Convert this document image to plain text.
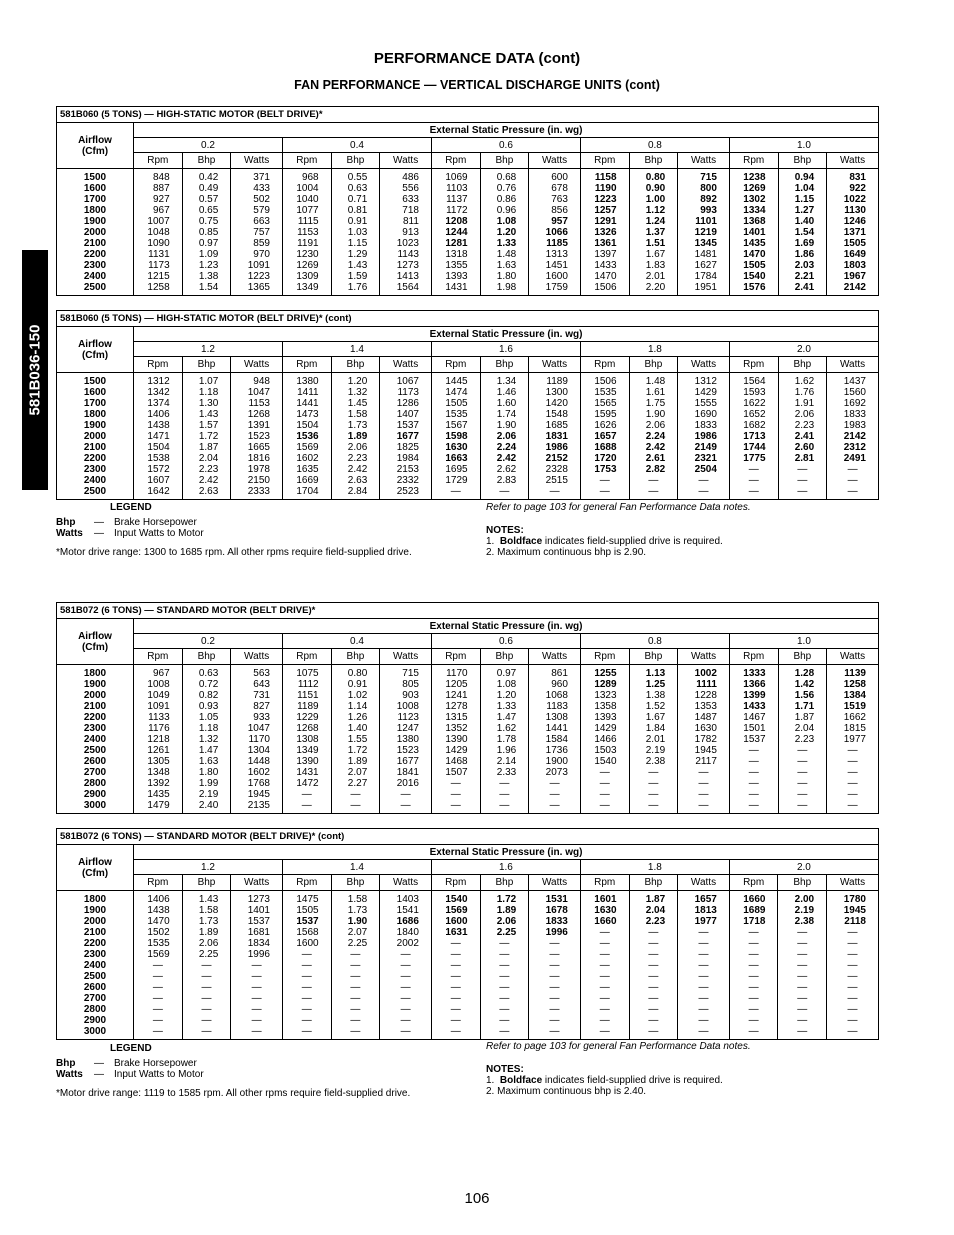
PERFORMANCE DATA (cont)
FAN PERFORMANCE — VERTICAL DISCHARGE UNITS (cont)
581B036-150
581B060 (5 TONS) — HIGH-STATIC MOTOR (BELT DRIVE)*															

Airflow
(Cfm)	External Static Pressure (in. wg)														
	0.2			0.4			0.6			0.8			1.0		
	Rpm	Bhp	Watts	Rpm	Bhp	Watts	Rpm	Bhp	Watts	Rpm	Bhp	Watts	Rpm	Bhp	Watts
1500	848	0.42	371	968	0.55	486	1069	0.68	600	1158	0.80	715	1238	0.94	831
1600	887	0.49	433	1004	0.63	556	1103	0.76	678	1190	0.90	800	1269	1.04	922
1700	927	0.57	502	1040	0.71	633	1137	0.86	763	1223	1.00	892	1302	1.15	1022
1800	967	0.65	579	1077	0.81	718	1172	0.96	856	1257	1.12	993	1334	1.27	1130
1900	1007	0.75	663	1115	0.91	811	1208	1.08	957	1291	1.24	1101	1368	1.40	1246
2000	1048	0.85	757	1153	1.03	913	1244	1.20	1066	1326	1.37	1219	1401	1.54	1371
2100	1090	0.97	859	1191	1.15	1023	1281	1.33	1185	1361	1.51	1345	1435	1.69	1505
2200	1131	1.09	970	1230	1.29	1143	1318	1.48	1313	1397	1.67	1481	1470	1.86	1649
2300	1173	1.23	1091	1269	1.43	1273	1355	1.63	1451	1433	1.83	1627	1505	2.03	1803
2400	1215	1.38	1223	1309	1.59	1413	1393	1.80	1600	1470	2.01	1784	1540	2.21	1967
2500	1258	1.54	1365	1349	1.76	1564	1431	1.98	1759	1506	2.20	1951	1576	2.41	2142
581B060 (5 TONS) — HIGH-STATIC MOTOR (BELT DRIVE)* (cont)															

Airflow
(Cfm)	External Static Pressure (in. wg)														
	1.2			1.4			1.6			1.8			2.0		
	Rpm	Bhp	Watts	Rpm	Bhp	Watts	Rpm	Bhp	Watts	Rpm	Bhp	Watts	Rpm	Bhp	Watts
1500	1312	1.07	948	1380	1.20	1067	1445	1.34	1189	1506	1.48	1312	1564	1.62	1437
1600	1342	1.18	1047	1411	1.32	1173	1474	1.46	1300	1535	1.61	1429	1593	1.76	1560
1700	1374	1.30	1153	1441	1.45	1286	1505	1.60	1420	1565	1.75	1555	1622	1.91	1692
1800	1406	1.43	1268	1473	1.58	1407	1535	1.74	1548	1595	1.90	1690	1652	2.06	1833
1900	1438	1.57	1391	1504	1.73	1537	1567	1.90	1685	1626	2.06	1833	1682	2.23	1983
2000	1471	1.72	1523	1536	1.89	1677	1598	2.06	1831	1657	2.24	1986	1713	2.41	2142
2100	1504	1.87	1665	1569	2.06	1825	1630	2.24	1986	1688	2.42	2149	1744	2.60	2312
2200	1538	2.04	1816	1602	2.23	1984	1663	2.42	2152	1720	2.61	2321	1775	2.81	2491
2300	1572	2.23	1978	1635	2.42	2153	1695	2.62	2328	1753	2.82	2504	—	—	—
2400	1607	2.42	2150	1669	2.63	2332	1729	2.83	2515	—	—	—	—	—	—
2500	1642	2.63	2333	1704	2.84	2523	—	—	—	—	—	—	—	—	—
LEGEND
Bhp	—	Brake Horsepower
Watts	—	Input Watts to Motor
*Motor drive range: 1300 to 1685 rpm. All other rpms require field-supplied drive.
Refer to page 103 for general Fan Performance Data notes.
NOTES:
1. Boldface indicates field-supplied drive is required.
2. Maximum continuous bhp is 2.90.
581B072 (6 TONS) — STANDARD MOTOR (BELT DRIVE)*															

Airflow
(Cfm)	External Static Pressure (in. wg)														
	0.2			0.4			0.6			0.8			1.0		
	Rpm	Bhp	Watts	Rpm	Bhp	Watts	Rpm	Bhp	Watts	Rpm	Bhp	Watts	Rpm	Bhp	Watts
1800	967	0.63	563	1075	0.80	715	1170	0.97	861	1255	1.13	1002	1333	1.28	1139
1900	1008	0.72	643	1112	0.91	805	1205	1.08	960	1289	1.25	1111	1366	1.42	1258
2000	1049	0.82	731	1151	1.02	903	1241	1.20	1068	1323	1.38	1228	1399	1.56	1384
2100	1091	0.93	827	1189	1.14	1008	1278	1.33	1183	1358	1.52	1353	1433	1.71	1519
2200	1133	1.05	933	1229	1.26	1123	1315	1.47	1308	1393	1.67	1487	1467	1.87	1662
2300	1176	1.18	1047	1268	1.40	1247	1352	1.62	1441	1429	1.84	1630	1501	2.04	1815
2400	1218	1.32	1170	1308	1.55	1380	1390	1.78	1584	1466	2.01	1782	1537	2.23	1977
2500	1261	1.47	1304	1349	1.72	1523	1429	1.96	1736	1503	2.19	1945	—	—	—
2600	1305	1.63	1448	1390	1.89	1677	1468	2.14	1900	1540	2.38	2117	—	—	—
2700	1348	1.80	1602	1431	2.07	1841	1507	2.33	2073	—	—	—	—	—	—
2800	1392	1.99	1768	1472	2.27	2016	—	—	—	—	—	—	—	—	—
2900	1435	2.19	1945	—	—	—	—	—	—	—	—	—	—	—	—
3000	1479	2.40	2135	—	—	—	—	—	—	—	—	—	—	—	—
581B072 (6 TONS) — STANDARD MOTOR (BELT DRIVE)* (cont)															

Airflow
(Cfm)	External Static Pressure (in. wg)														
	1.2			1.4			1.6			1.8			2.0		
	Rpm	Bhp	Watts	Rpm	Bhp	Watts	Rpm	Bhp	Watts	Rpm	Bhp	Watts	Rpm	Bhp	Watts
1800	1406	1.43	1273	1475	1.58	1403	1540	1.72	1531	1601	1.87	1657	1660	2.00	1780
1900	1438	1.58	1401	1505	1.73	1541	1569	1.89	1678	1630	2.04	1813	1689	2.19	1945
2000	1470	1.73	1537	1537	1.90	1686	1600	2.06	1833	1660	2.23	1977	1718	2.38	2118
2100	1502	1.89	1681	1568	2.07	1840	1631	2.25	1996	—	—	—	—	—	—
2200	1535	2.06	1834	1600	2.25	2002	—	—	—	—	—	—	—	—	—
2300	1569	2.25	1996	—	—	—	—	—	—	—	—	—	—	—	—
2400	—	—	—	—	—	—	—	—	—	—	—	—	—	—	—
2500	—	—	—	—	—	—	—	—	—	—	—	—	—	—	—
2600	—	—	—	—	—	—	—	—	—	—	—	—	—	—	—
2700	—	—	—	—	—	—	—	—	—	—	—	—	—	—	—
2800	—	—	—	—	—	—	—	—	—	—	—	—	—	—	—
2900	—	—	—	—	—	—	—	—	—	—	—	—	—	—	—
3000	—	—	—	—	—	—	—	—	—	—	—	—	—	—	—
LEGEND
Bhp	—	Brake Horsepower
Watts	—	Input Watts to Motor
*Motor drive range: 1119 to 1585 rpm. All other rpms require field-supplied drive.
Refer to page 103 for general Fan Performance Data notes.
NOTES:
1. Boldface indicates field-supplied drive is required.
2. Maximum continuous bhp is 2.40.
106
